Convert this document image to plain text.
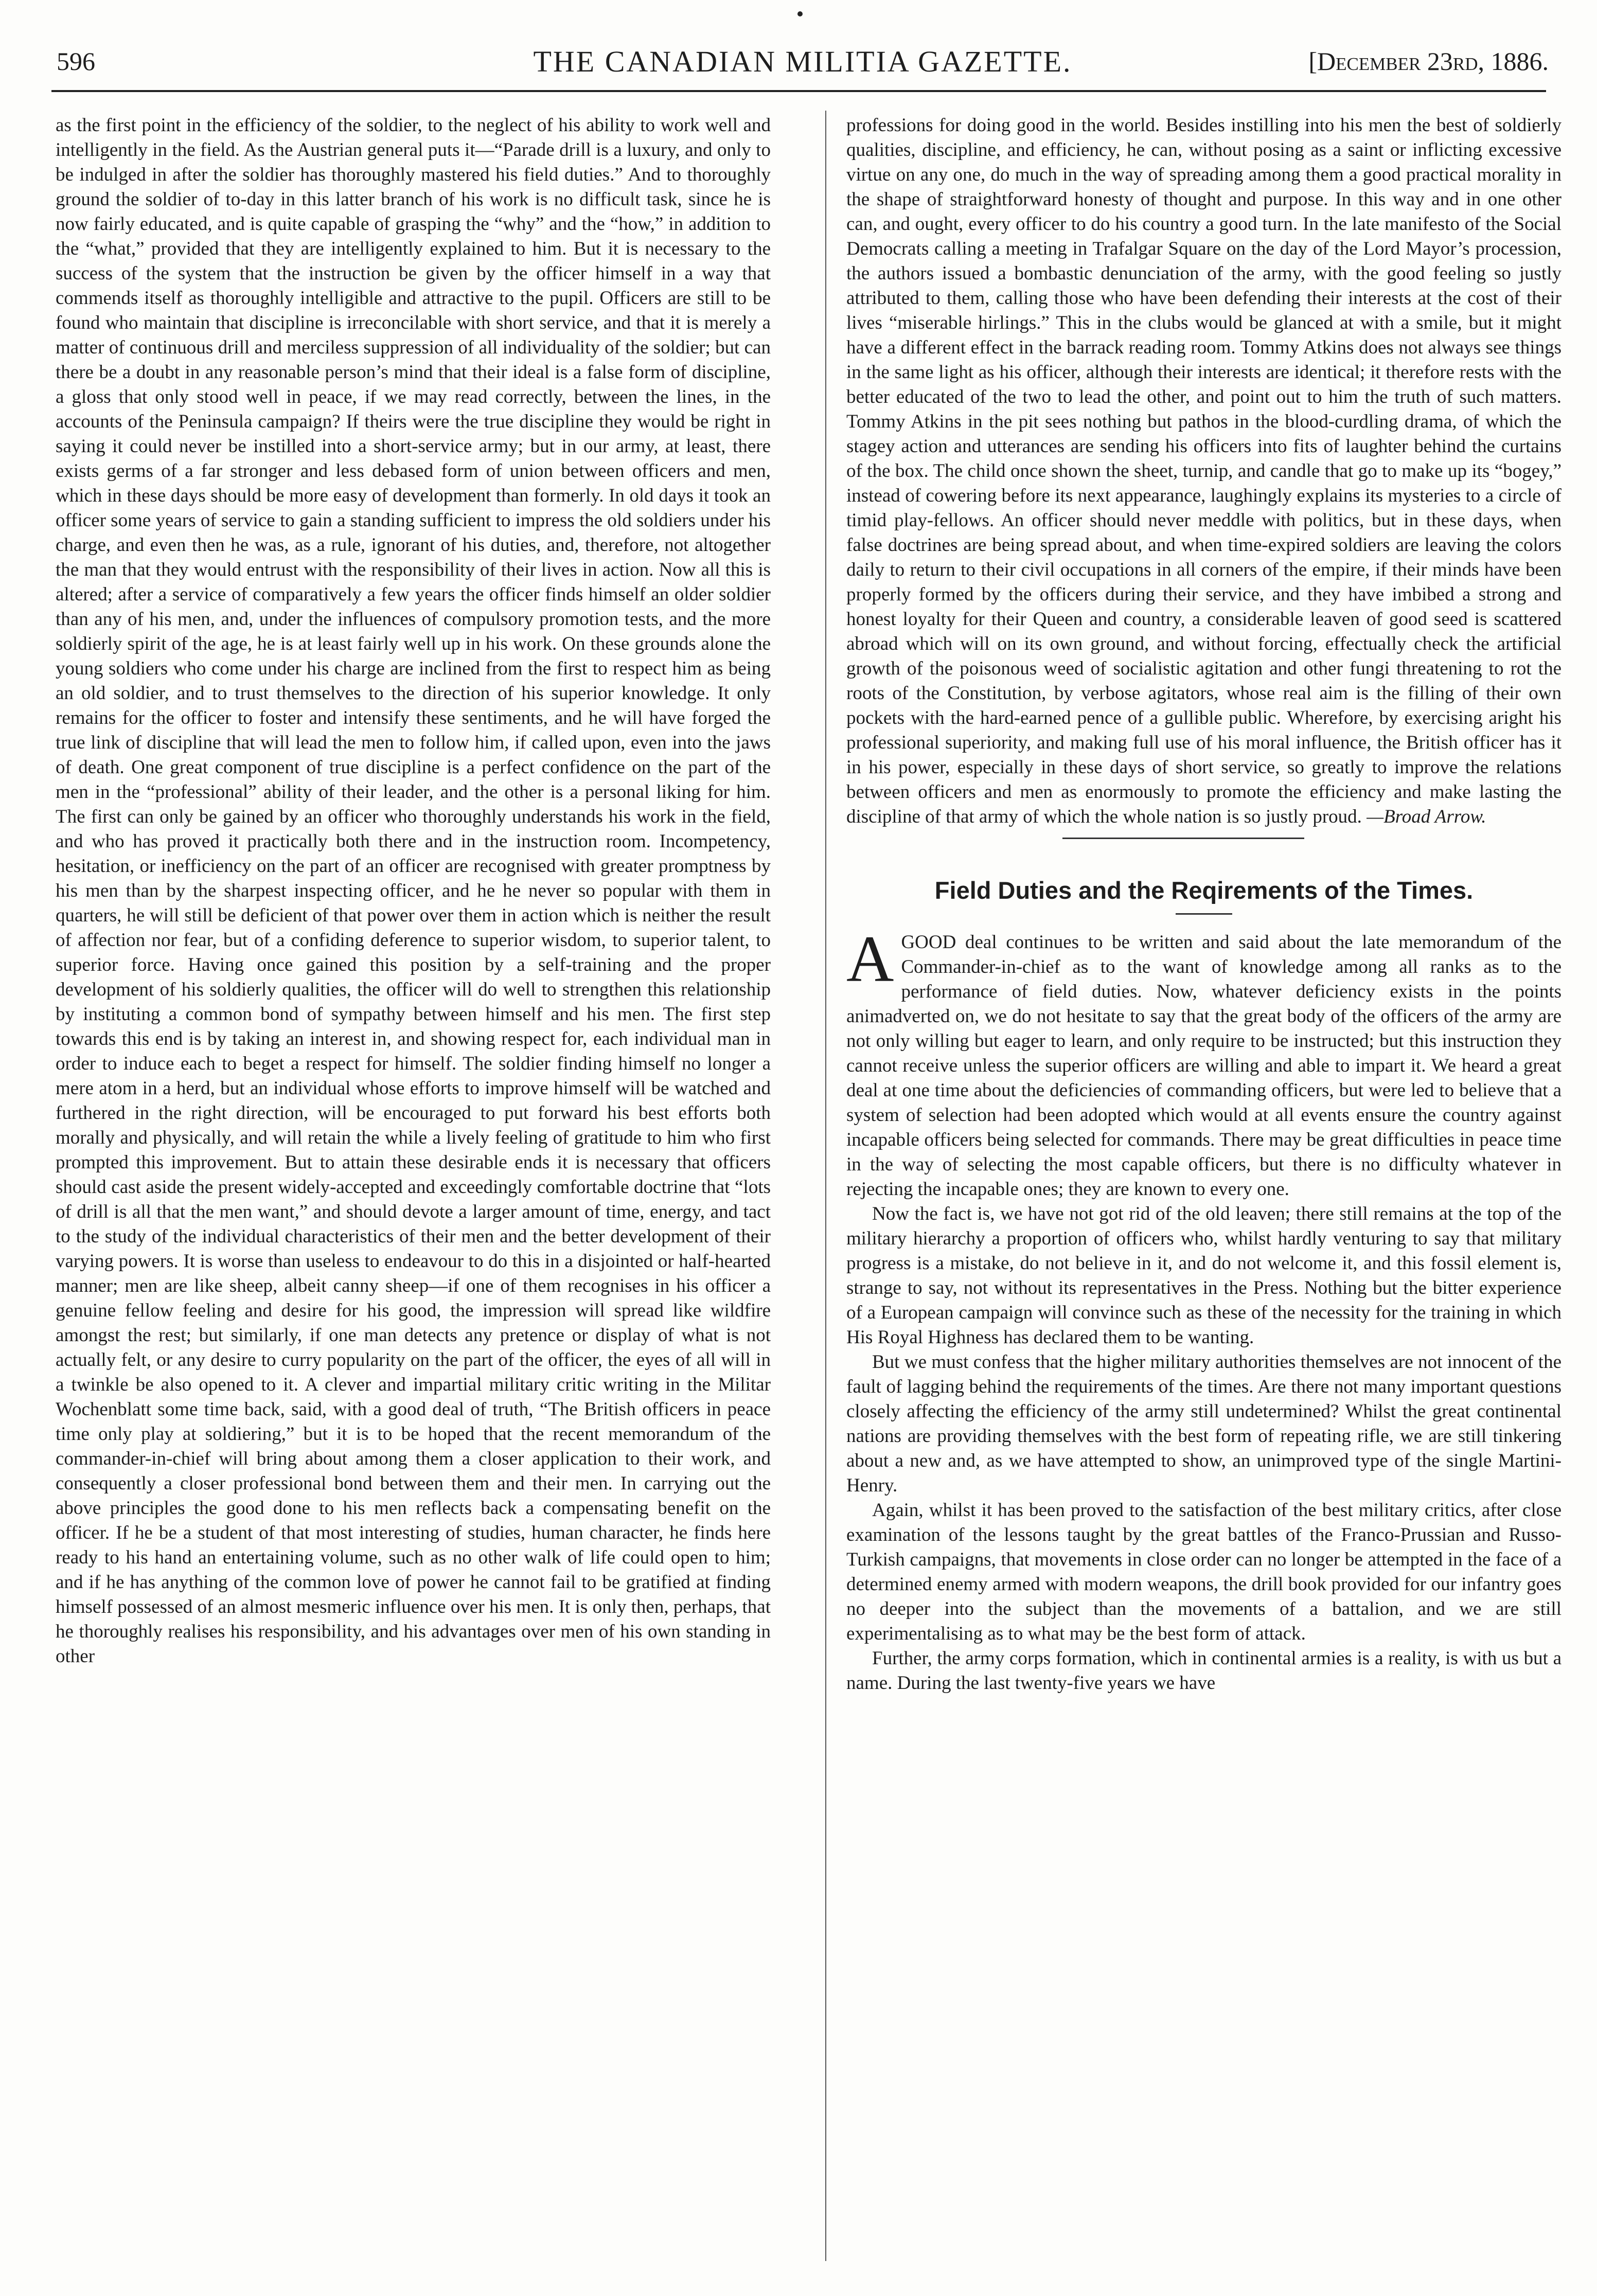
596	THE CANADIAN MILITIA GAZETTE.	[December 23rd, 1886.

as the first point in the efficiency of the soldier, to the neglect of his ability to work well and intelligently in the field. As the Austrian general puts it—“Parade drill is a luxury, and only to be indulged in after the soldier has thoroughly mastered his field duties.” And to thoroughly ground the soldier of to-day in this latter branch of his work is no difficult task, since he is now fairly educated, and is quite capable of grasping the “why” and the “how,” in addition to the “what,” provided that they are intelligently explained to him. But it is necessary to the success of the system that the instruction be given by the officer himself in a way that commends itself as thoroughly intelligible and attractive to the pupil. Officers are still to be found who maintain that discipline is irreconcilable with short service, and that it is merely a matter of continuous drill and merciless suppression of all individuality of the soldier; but can there be a doubt in any reasonable person’s mind that their ideal is a false form of discipline, a gloss that only stood well in peace, if we may read correctly, between the lines, in the accounts of the Peninsula campaign? If theirs were the true discipline they would be right in saying it could never be instilled into a short-service army; but in our army, at least, there exists germs of a far stronger and less debased form of union between officers and men, which in these days should be more easy of development than formerly. In old days it took an officer some years of service to gain a standing sufficient to impress the old soldiers under his charge, and even then he was, as a rule, ignorant of his duties, and, therefore, not altogether the man that they would entrust with the responsibility of their lives in action. Now all this is altered; after a service of comparatively a few years the officer finds himself an older soldier than any of his men, and, under the influences of compulsory promotion tests, and the more soldierly spirit of the age, he is at least fairly well up in his work. On these grounds alone the young soldiers who come under his charge are inclined from the first to respect him as being an old soldier, and to trust themselves to the direction of his superior knowledge. It only remains for the officer to foster and intensify these sentiments, and he will have forged the true link of discipline that will lead the men to follow him, if called upon, even into the jaws of death. One great component of true discipline is a perfect confidence on the part of the men in the “professional” ability of their leader, and the other is a personal liking for him. The first can only be gained by an officer who thoroughly understands his work in the field, and who has proved it practically both there and in the instruction room. Incompetency, hesitation, or inefficiency on the part of an officer are recognised with greater promptness by his men than by the sharpest inspecting officer, and he he never so popular with them in quarters, he will still be deficient of that power over them in action which is neither the result of affection nor fear, but of a confiding deference to superior wisdom, to superior talent, to superior force. Having once gained this position by a self-training and the proper development of his soldierly qualities, the officer will do well to strengthen this relationship by instituting a common bond of sympathy between himself and his men. The first step towards this end is by taking an interest in, and showing respect for, each individual man in order to induce each to beget a respect for himself. The soldier finding himself no longer a mere atom in a herd, but an individual whose efforts to improve himself will be watched and furthered in the right direction, will be encouraged to put forward his best efforts both morally and physically, and will retain the while a lively feeling of gratitude to him who first prompted this improvement. But to attain these desirable ends it is necessary that officers should cast aside the present widely-accepted and exceedingly comfortable doctrine that “lots of drill is all that the men want,” and should devote a larger amount of time, energy, and tact to the study of the individual characteristics of their men and the better development of their varying powers. It is worse than useless to endeavour to do this in a disjointed or half-hearted manner; men are like sheep, albeit canny sheep—if one of them recognises in his officer a genuine fellow feeling and desire for his good, the impression will spread like wildfire amongst the rest; but similarly, if one man detects any pretence or display of what is not actually felt, or any desire to curry popularity on the part of the officer, the eyes of all will in a twinkle be also opened to it. A clever and impartial military critic writing in the Militar Wochenblatt some time back, said, with a good deal of truth, “The British officers in peace time only play at soldiering,” but it is to be hoped that the recent memorandum of the commander-in-chief will bring about among them a closer application to their work, and consequently a closer professional bond between them and their men. In carrying out the above principles the good done to his men reflects back a compensating benefit on the officer. If he be a student of that most interesting of studies, human character, he finds here ready to his hand an entertaining volume, such as no other walk of life could open to him; and if he has anything of the common love of power he cannot fail to be gratified at finding himself possessed of an almost mesmeric influence over his men. It is only then, perhaps, that he thoroughly realises his responsibility, and his advantages over men of his own standing in other

professions for doing good in the world. Besides instilling into his men the best of soldierly qualities, discipline, and efficiency, he can, without posing as a saint or inflicting excessive virtue on any one, do much in the way of spreading among them a good practical morality in the shape of straightforward honesty of thought and purpose. In this way and in one other can, and ought, every officer to do his country a good turn. In the late manifesto of the Social Democrats calling a meeting in Trafalgar Square on the day of the Lord Mayor’s procession, the authors issued a bombastic denunciation of the army, with the good feeling so justly attributed to them, calling those who have been defending their interests at the cost of their lives “miserable hirlings.” This in the clubs would be glanced at with a smile, but it might have a different effect in the barrack reading room. Tommy Atkins does not always see things in the same light as his officer, although their interests are identical; it therefore rests with the better educated of the two to lead the other, and point out to him the truth of such matters. Tommy Atkins in the pit sees nothing but pathos in the blood-curdling drama, of which the stagey action and utterances are sending his officers into fits of laughter behind the curtains of the box. The child once shown the sheet, turnip, and candle that go to make up its “bogey,” instead of cowering before its next appearance, laughingly explains its mysteries to a circle of timid play-fellows. An officer should never meddle with politics, but in these days, when false doctrines are being spread about, and when time-expired soldiers are leaving the colors daily to return to their civil occupations in all corners of the empire, if their minds have been properly formed by the officers during their service, and they have imbibed a strong and honest loyalty for their Queen and country, a considerable leaven of good seed is scattered abroad which will on its own ground, and without forcing, effectually check the artificial growth of the poisonous weed of socialistic agitation and other fungi threatening to rot the roots of the Constitution, by verbose agitators, whose real aim is the filling of their own pockets with the hard-earned pence of a gullible public. Wherefore, by exercising aright his professional superiority, and making full use of his moral influence, the British officer has it in his power, especially in these days of short service, so greatly to improve the relations between officers and men as enormously to promote the efficiency and make lasting the discipline of that army of which the whole nation is so justly proud. —Broad Arrow.

Field Duties and the Reqirements of the Times.

AGOOD deal continues to be written and said about the late memorandum of the Commander-in-chief as to the want of knowledge among all ranks as to the performance of field duties. Now, whatever deficiency exists in the points animadverted on, we do not hesitate to say that the great body of the officers of the army are not only willing but eager to learn, and only require to be instructed; but this instruction they cannot receive unless the superior officers are willing and able to impart it. We heard a great deal at one time about the deficiencies of commanding officers, but were led to believe that a system of selection had been adopted which would at all events ensure the country against incapable officers being selected for commands. There may be great difficulties in peace time in the way of selecting the most capable officers, but there is no difficulty whatever in rejecting the incapable ones; they are known to every one.

Now the fact is, we have not got rid of the old leaven; there still remains at the top of the military hierarchy a proportion of officers who, whilst hardly venturing to say that military progress is a mistake, do not believe in it, and do not welcome it, and this fossil element is, strange to say, not without its representatives in the Press. Nothing but the bitter experience of a European campaign will convince such as these of the necessity for the training in which His Royal Highness has declared them to be wanting.

But we must confess that the higher military authorities themselves are not innocent of the fault of lagging behind the requirements of the times. Are there not many important questions closely affecting the efficiency of the army still undetermined? Whilst the great continental nations are providing themselves with the best form of repeating rifle, we are still tinkering about a new and, as we have attempted to show, an unimproved type of the single Martini-Henry.

Again, whilst it has been proved to the satisfaction of the best military critics, after close examination of the lessons taught by the great battles of the Franco-Prussian and Russo-Turkish campaigns, that movements in close order can no longer be attempted in the face of a determined enemy armed with modern weapons, the drill book provided for our infantry goes no deeper into the subject than the movements of a battalion, and we are still experimentalising as to what may be the best form of attack.

Further, the army corps formation, which in continental armies is a reality, is with us but a name. During the last twenty-five years we have
